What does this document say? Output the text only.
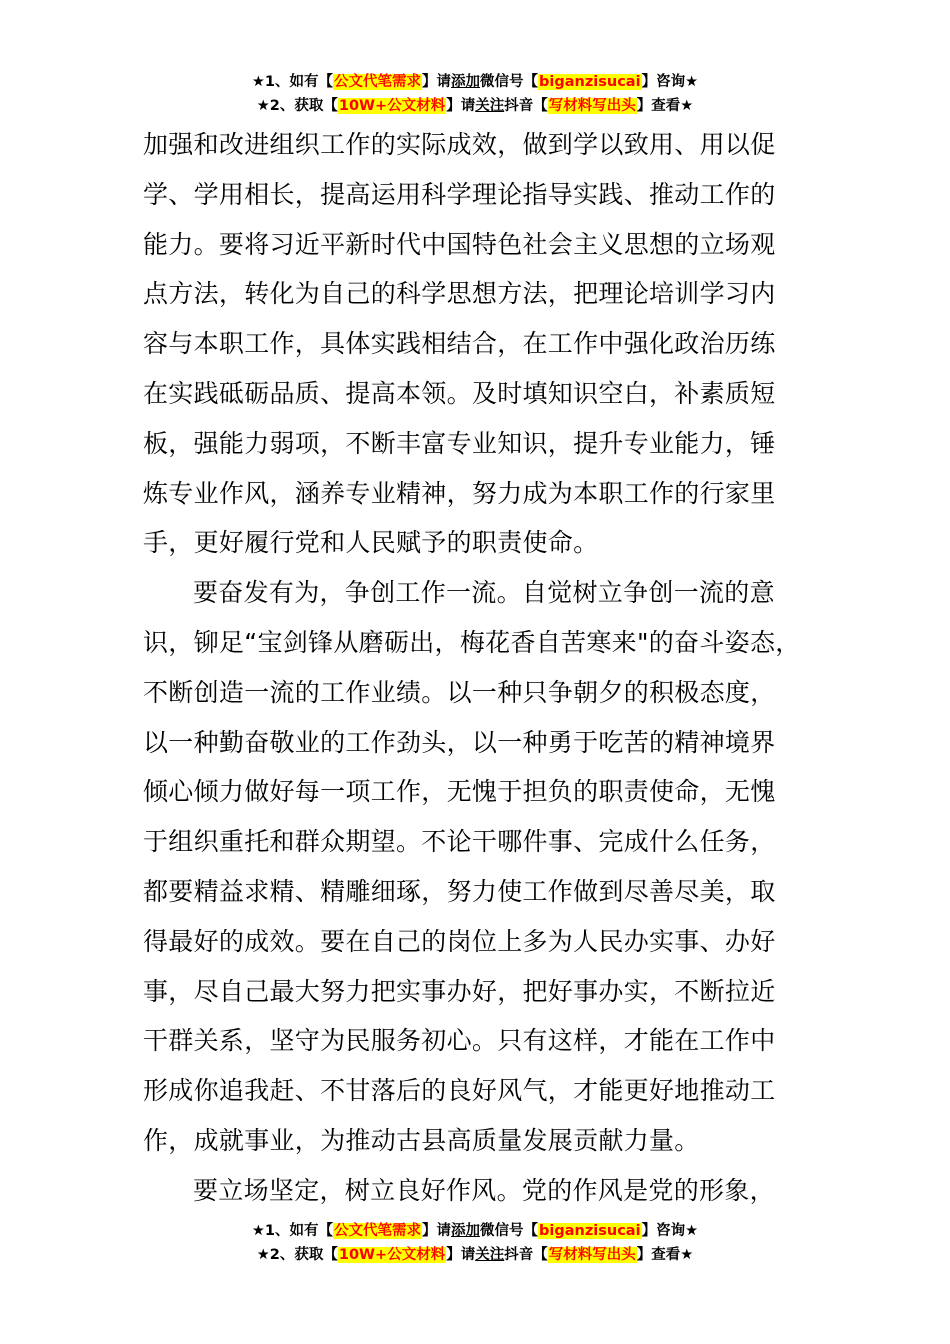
★1、如有【公文代笔需求】请添加微信号【biganzisucai】咨询★
★2、获取【10W+公文材料】请关注抖音【写材料写出头】查看★
加强和改进组织工作的实际成效，做到学以致用、用以促
学、学用相长，提高运用科学理论指导实践、推动工作的
能力。要将习近平新时代中国特色社会主义思想的立场观
点方法，转化为自己的科学思想方法，把理论培训学习内
容与本职工作，具体实践相结合，在工作中强化政治历练
在实践砥砺品质、提高本领。及时填知识空白，补素质短
板，强能力弱项，不断丰富专业知识，提升专业能力，锤
炼专业作风，涵养专业精神，努力成为本职工作的行家里
手，更好履行党和人民赋予的职责使命。
要奋发有为，争创工作一流。自觉树立争创一流的意
识，铆足“宝剑锋从磨砺出，梅花香自苦寒来"的奋斗姿态，
不断创造一流的工作业绩。以一种只争朝夕的积极态度，
以一种勤奋敬业的工作劲头，以一种勇于吃苦的精神境界
倾心倾力做好每一项工作，无愧于担负的职责使命，无愧
于组织重托和群众期望。不论干哪件事、完成什么任务，
都要精益求精、精雕细琢，努力使工作做到尽善尽美，取
得最好的成效。要在自己的岗位上多为人民办实事、办好
事，尽自己最大努力把实事办好，把好事办实，不断拉近
干群关系，坚守为民服务初心。只有这样，才能在工作中
形成你追我赶、不甘落后的良好风气，才能更好地推动工
作，成就事业，为推动古县高质量发展贡献力量。
要立场坚定，树立良好作风。党的作风是党的形象，
★1、如有【公文代笔需求】请添加微信号【biganzisucai】咨询★
★2、获取【10W+公文材料】请关注抖音【写材料写出头】查看★
